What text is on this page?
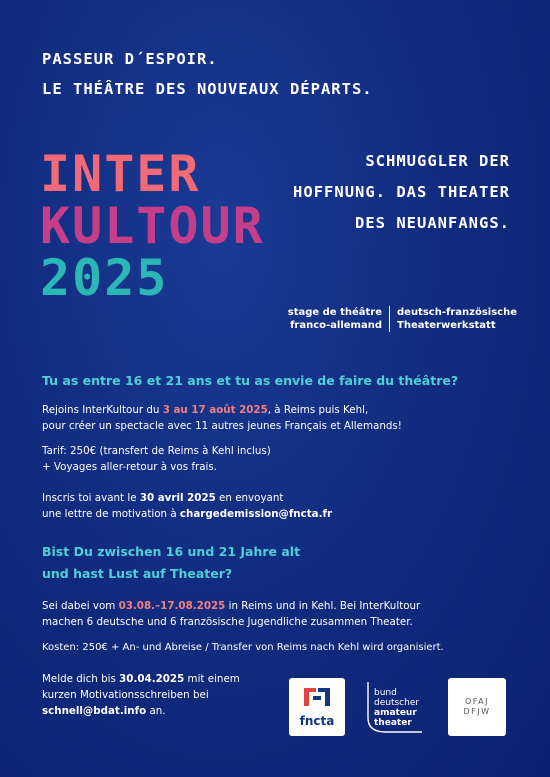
PASSEUR D´ESPOIR.
LE THÉÂTRE DES NOUVEAUX DÉPARTS.
INTER
KULTOUR
2025
SCHMUGGLER DER
HOFFNUNG. DAS THEATER
DES NEUANFANGS.
stage de théâtre
franco-allemand
deutsch-französische
Theaterwerkstatt
Tu as entre 16 et 21 ans et tu as envie de faire du théâtre?
Rejoins InterKultour du 3 au 17 août 2025, à Reims puis Kehl,
pour créer un spectacle avec 11 autres jeunes Français et Allemands!
Tarif: 250€ (transfert de Reims à Kehl inclus)
+ Voyages aller-retour à vos frais.
Inscris toi avant le 30 avril 2025 en envoyant
une lettre de motivation à chargedemission@fncta.fr
Bist Du zwischen 16 und 21 Jahre alt
und hast Lust auf Theater?
Sei dabei vom 03.08.–17.08.2025 in Reims und in Kehl. Bei InterKultour
machen 6 deutsche und 6 französische Jugendliche zusammen Theater.
Kosten: 250€ + An- und Abreise / Transfer von Reims nach Kehl wird organisiert.
Melde dich bis 30.04.2025 mit einem
kurzen Motivationsschreiben bei
schnell@bdat.info an.
fncta
bund
deutscher
amateur
theater
OFAJ
DFJW
